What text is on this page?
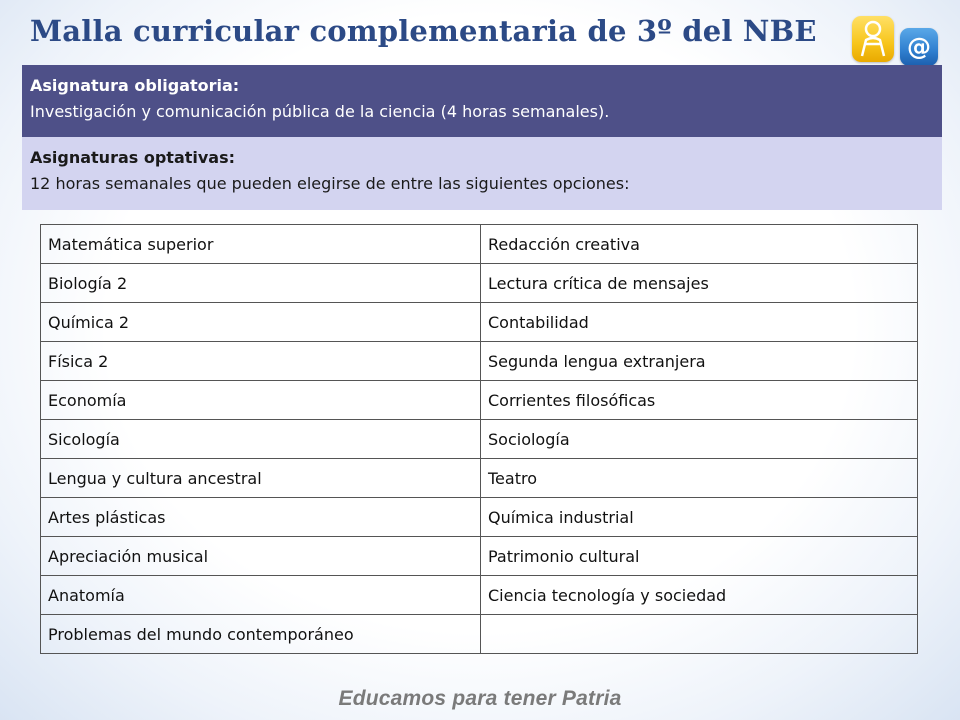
Malla curricular complementaria de 3º del NBE	@
Asignatura obligatoria:
Investigación y comunicación pública de la ciencia (4 horas semanales).
Asignaturas optativas:
12 horas semanales que pueden elegirse de entre las siguientes opciones:
Matemática superior	Redacción creativa
Biología 2	Lectura crítica de mensajes
Química 2	Contabilidad
Física 2	Segunda lengua extranjera
Economía	Corrientes filosóficas
Sicología	Sociología
Lengua y cultura ancestral	Teatro
Artes plásticas	Química industrial
Apreciación musical	Patrimonio cultural
Anatomía	Ciencia tecnología y sociedad
Problemas del mundo contemporáneo	
Educamos para tener Patria
